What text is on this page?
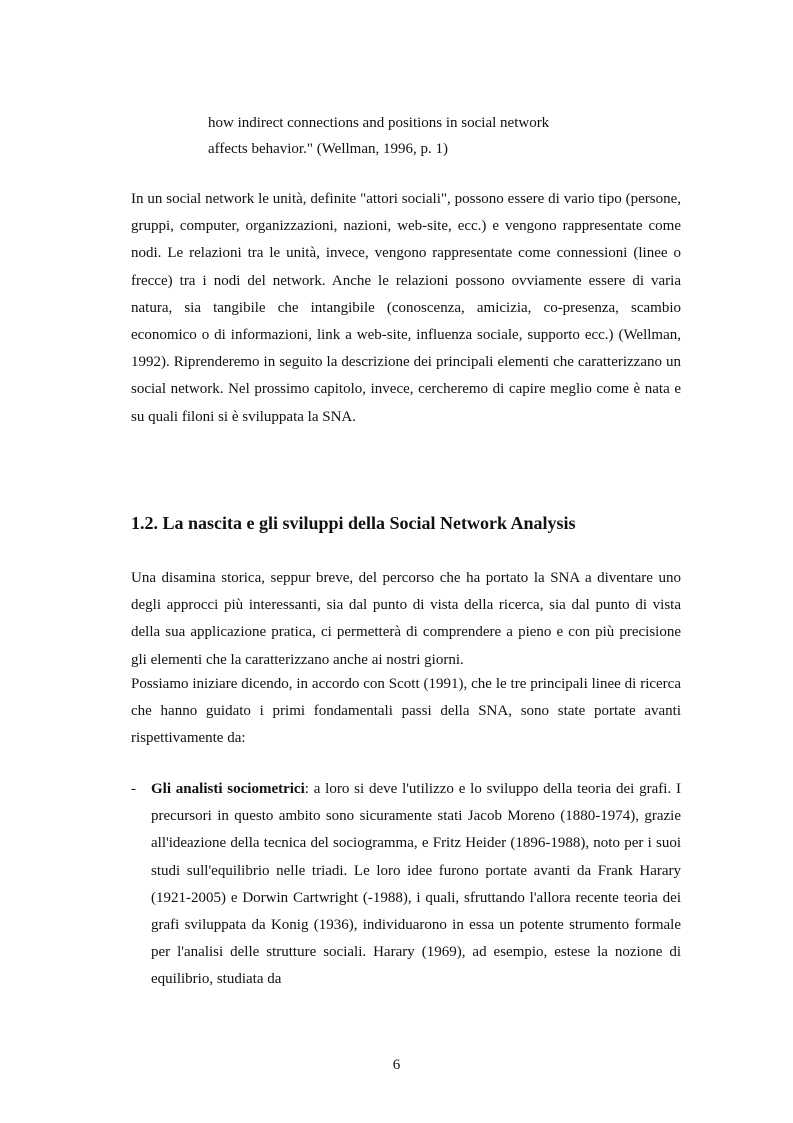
how indirect connections and positions in social network
affects behavior." (Wellman, 1996, p. 1)

In un social network le unità, definite "attori sociali", possono essere di vario tipo (persone, gruppi, computer, organizzazioni, nazioni, web-site, ecc.) e vengono rappresentate come nodi. Le relazioni tra le unità, invece, vengono rappresentate come connessioni (linee o frecce) tra i nodi del network. Anche le relazioni possono ovviamente essere di varia natura, sia tangibile che intangibile (conoscenza, amicizia, co-presenza, scambio economico o di informazioni, link a web-site, influenza sociale, supporto ecc.) (Wellman, 1992). Riprenderemo in seguito la descrizione dei principali elementi che caratterizzano un social network. Nel prossimo capitolo, invece, cercheremo di capire meglio come è nata e su quali filoni si è sviluppata la SNA.

1.2. La nascita e gli sviluppi della Social Network Analysis

Una disamina storica, seppur breve, del percorso che ha portato la SNA a diventare uno degli approcci più interessanti, sia dal punto di vista della ricerca, sia dal punto di vista della sua applicazione pratica, ci permetterà di comprendere a pieno e con più precisione gli elementi che la caratterizzano anche ai nostri giorni.

Possiamo iniziare dicendo, in accordo con Scott (1991), che le tre principali linee di ricerca che hanno guidato i primi fondamentali passi della SNA, sono state portate avanti rispettivamente da:

-	Gli analisti sociometrici: a loro si deve l'utilizzo e lo sviluppo della teoria dei grafi. I precursori in questo ambito sono sicuramente stati Jacob Moreno (1880-1974), grazie all'ideazione della tecnica del sociogramma, e Fritz Heider (1896-1988), noto per i suoi studi sull'equilibrio nelle triadi. Le loro idee furono portate avanti da Frank Harary (1921-2005) e Dorwin Cartwright (-1988), i quali, sfruttando l'allora recente teoria dei grafi sviluppata da Konig (1936), individuarono in essa un potente strumento formale per l'analisi delle strutture sociali. Harary (1969), ad esempio, estese la nozione di equilibrio, studiata da
6
